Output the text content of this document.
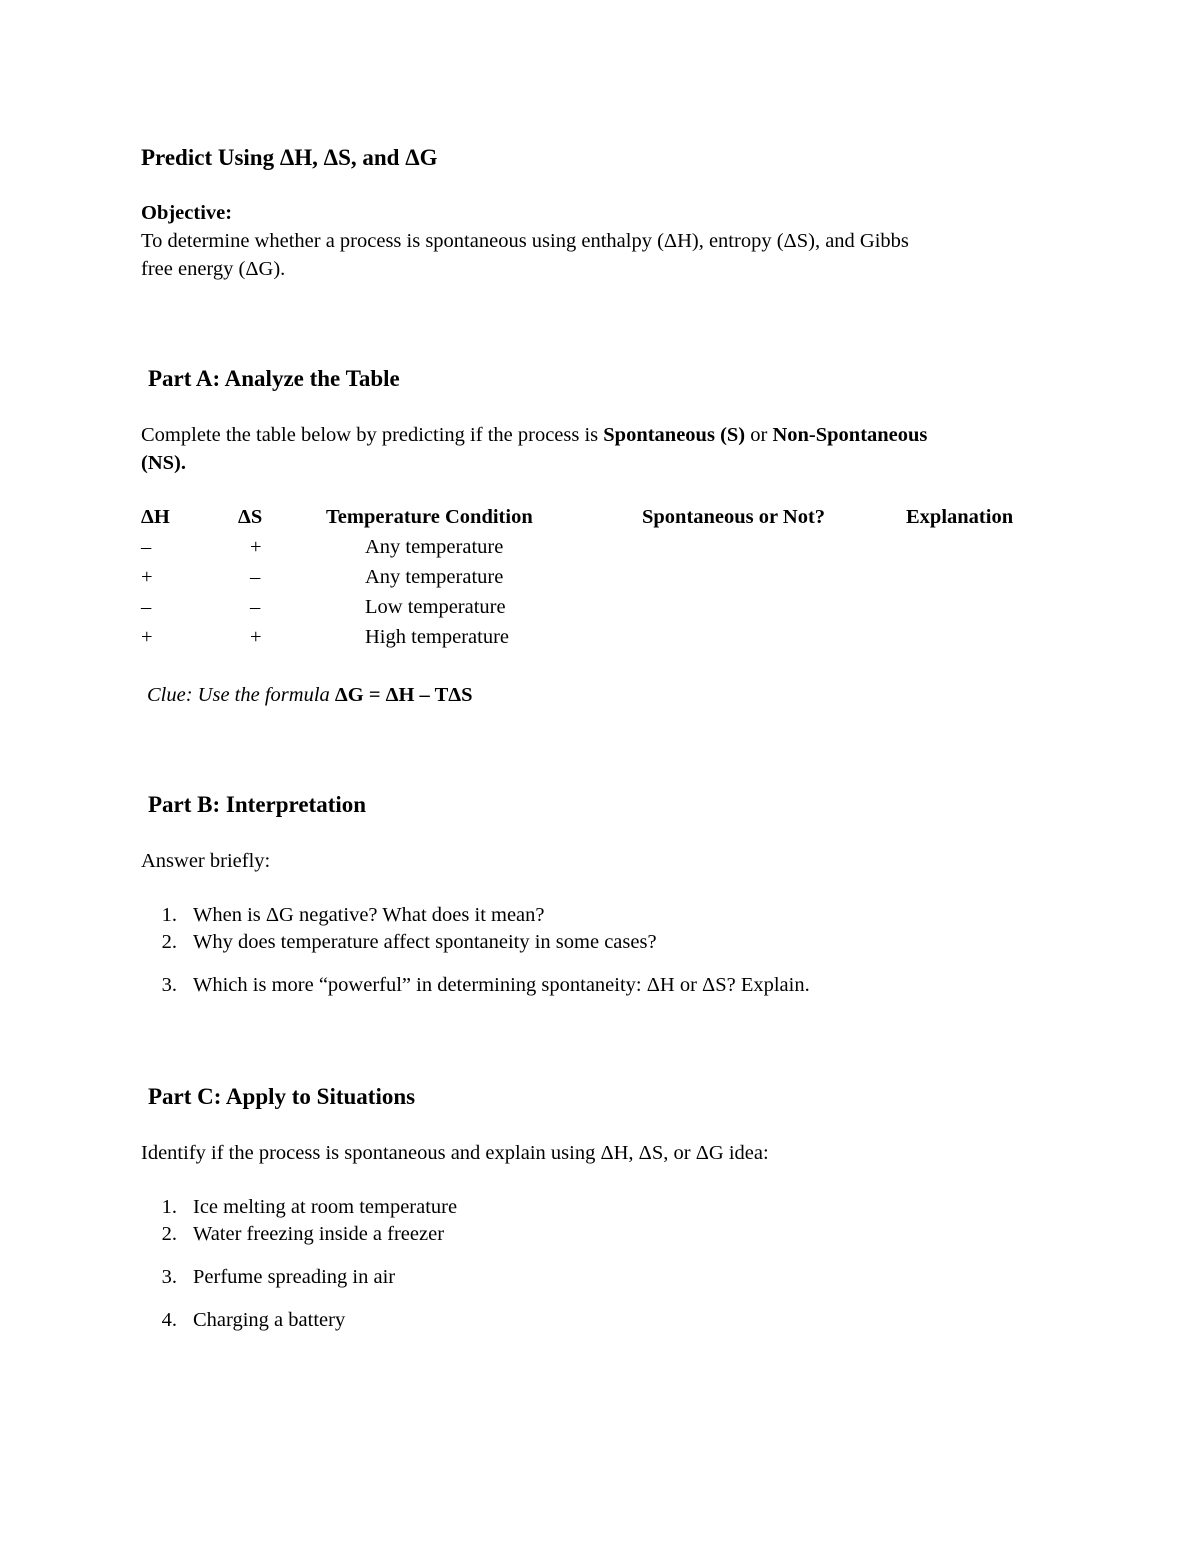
Predict Using ΔH, ΔS, and ΔG
Objective:
To determine whether a process is spontaneous using enthalpy (ΔH), entropy (ΔS), and Gibbs
free energy (ΔG).
Part A: Analyze the Table
Complete the table below by predicting if the process is Spontaneous (S) or Non-Spontaneous
(NS).
ΔH	ΔS	Temperature Condition	Spontaneous or Not?	Explanation
–	+	Any temperature
+	–	Any temperature
–	–	Low temperature
+	+	High temperature
Clue: Use the formula ΔG = ΔH – TΔS
Part B: Interpretation
Answer briefly:
1. When is ΔG negative? What does it mean?
2. Why does temperature affect spontaneity in some cases?
3. Which is more “powerful” in determining spontaneity: ΔH or ΔS? Explain.
Part C: Apply to Situations
Identify if the process is spontaneous and explain using ΔH, ΔS, or ΔG idea:
1. Ice melting at room temperature
2. Water freezing inside a freezer
3. Perfume spreading in air
4. Charging a battery
